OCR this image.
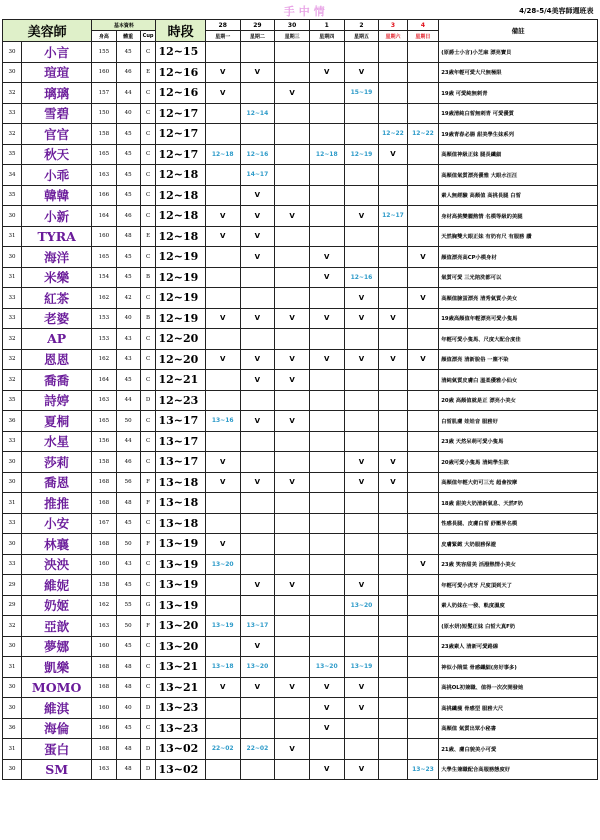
						手中情						4/28-5/4美容師週班表	
美容師		基本資料			時段	28	29	30	1	2	3	4	備註
		身高	體重	Cup		星期一	星期二	星期三	星期四	星期五	星期六	星期日	
30	小言	155	45	C	12~15								(原爵士小言)小芝麻 漂亮寶貝
30	瑄瑄	160	46	E	12~16	V	V		V	V			23歲年輕可愛大尺無極限
32	璃璃	157	44	C	12~16	V		V		15~19			19歲 可愛純無刺青
33	雪碧	150	40	C	12~17		12~14						19歲清純白皙無刺青 可愛優質
32	官官	158	45	C	12~17						12~22	12~22	19歲青春必腸 甜美學生妹系列
35	秋天	165	45	C	12~17	12~18	12~16		12~18	12~19	V		高顏值神級正妹 腿長纖細
34	小乖	163	45	C	12~18		14~17						高顏值氣質漂亮優雅 大眼水汪汪
35	韓韓	166	45	C	12~18		V						素人無經驗 高顏值 高挑長腿 白皙
30	小新	164	46	C	12~18	V	V	V		V	12~17		身材高挑變麗熱情 名模等級的美腿
31	TYRA	160	48	E	12~18	V	V						天然胸雙大眼正妹 有奶有尺 有服務 讚
30	海洋	165	45	C	12~19		V		V			V	顏值漂亮高CP小模身材
31	米樂	154	45	B	12~19				V	12~16			氣質可愛 三光陪洗都可以
33	紅茶	162	42	C	12~19					V		V	高顏值臉蛋漂亮 清秀氣質小美女
33	老婆	153	40	B	12~19	V	V	V	V	V	V		19歲高顏值年輕漂亮可愛小隻馬
32	AP	153	43	C	12~20								年輕可愛小隻馬、尺度大配合度佳
32	恩恩	162	43	C	12~20	V	V	V	V	V	V	V	顏值漂亮 清新脫俗 一塵不染
32	喬喬	164	45	C	12~21		V	V					清純氣質皮膚白 溫柔優雅小仙女
35	詩婷	163	44	D	12~23								20歲 高顏值就是正 漂亮小美女
36	夏桐	165	50	C	13~17	13~16	V	V					白皙肌膚 娃娃音 服務好
33	水星	156	44	C	13~17								23歲 天然呆萌可愛小隻馬
30	莎莉	158	46	C	13~17	V				V	V		20歲可愛小隻馬 清純學生款
30	喬恩	168	56	F	13~18	V	V	V		V	V		高顏值年輕大奶可三光 超會按摩
31	推推	168	48	F	13~18								18歲 甜美大奶清新氣息、天然F奶
33	小安	167	45	C	13~18								性感長腿、皮膚白皙 紓壓界名模
30	林襄	168	50	F	13~19	V							皮膚緊緻 大奶服務保證
33	泱泱	160	43	C	13~19	13~20						V	23歲 笑容甜美 活潑熱情小美女
29	維妮	158	45	C	13~19		V	V		V			年輕可愛小虎牙 尺度頂到天了
29	奶姬	162	55	G	13~19					13~20			素人奶妹在一發、軌度濕度
32	亞歆	163	50	F	13~20	13~19	13~17						(原水妍)短髮正妹 白皙大真F奶
30	夢娜	160	45	C	13~20		V						23歲素人 清新可愛路線
31	凱樂	168	48	C	13~21	13~18	13~20		13~20	13~19			神似小隋棠 骨感纖細(房好事多)
30	MOMO	168	48	C	13~21	V	V	V	V	V			高挑OL初兼職、值得一次次開發她
30	維淇	160	40	D	13~23				V	V			高挑纖瘦 骨感型 服務大尺
36	海倫	166	45	C	13~23				V				高顏值 氣質出眾小秘書
31	蛋白	168	48	D	13~02	22~02	22~02	V					21歲、膚白貌美小可愛
30	SM	163	48	D	13~02				V	V		13~23	大學生兼職配合高服務態度好
